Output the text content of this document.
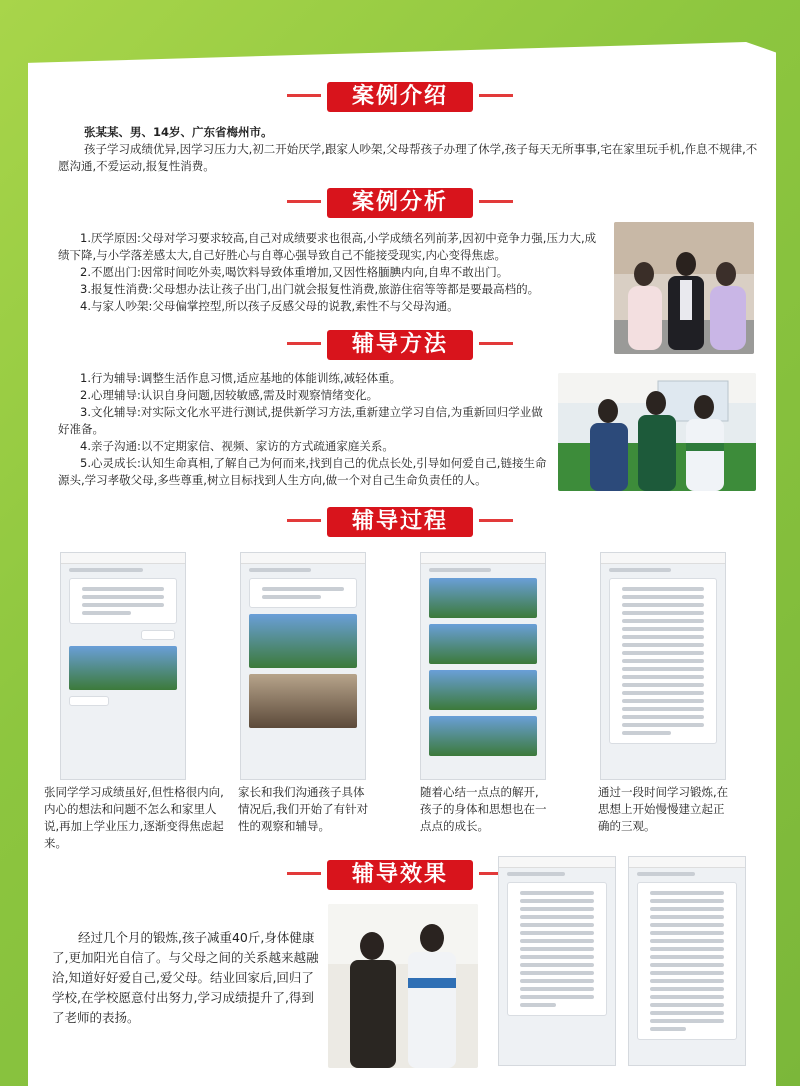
案例介绍

张某某、男、14岁、广东省梅州市。

孩子学习成绩优异,因学习压力大,初二开始厌学,跟家人吵架,父母帮孩子办理了休学,孩子每天无所事事,宅在家里玩手机,作息不规律,不愿沟通,不爱运动,报复性消费。

案例分析

1.厌学原因:父母对学习要求较高,自己对成绩要求也很高,小学成绩名列前茅,因初中竞争力强,压力大,成绩下降,与小学落差感太大,自己好胜心与自尊心强导致自己不能接受现实,内心变得焦虑。

2.不愿出门:因常时间吃外卖,喝饮料导致体重增加,又因性格腼腆内向,自卑不敢出门。

3.报复性消费:父母想办法让孩子出门,出门就会报复性消费,旅游住宿等等都是要最高档的。

4.与家人吵架:父母偏掌控型,所以孩子反感父母的说教,索性不与父母沟通。

辅导方法

1.行为辅导:调整生活作息习惯,适应基地的体能训练,减轻体重。

2.心理辅导:认识自身问题,因较敏感,需及时观察情绪变化。

3.文化辅导:对实际文化水平进行测试,提供新学习方法,重新建立学习自信,为重新回归学业做好准备。

4.亲子沟通:以不定期家信、视频、家访的方式疏通家庭关系。

5.心灵成长:认知生命真相,了解自己为何而来,找到自己的优点长处,引导如何爱自己,链接生命源头,学习孝敬父母,多些尊重,树立目标找到人生方向,做一个对自己生命负责任的人。

辅导过程
张同学学习成绩虽好,但性格很内向,内心的想法和问题不怎么和家里人说,再加上学业压力,逐渐变得焦虑起来。
家长和我们沟通孩子具体情况后,我们开始了有针对性的观察和辅导。
随着心结一点点的解开,孩子的身体和思想也在一点点的成长。
通过一段时间学习锻炼,在思想上开始慢慢建立起正确的三观。
辅导效果

经过几个月的锻炼,孩子减重40斤,身体健康了,更加阳光自信了。与父母之间的关系越来越融洽,知道好好爱自己,爱父母。结业回家后,回归了学校,在学校愿意付出努力,学习成绩提升了,得到了老师的表扬。
